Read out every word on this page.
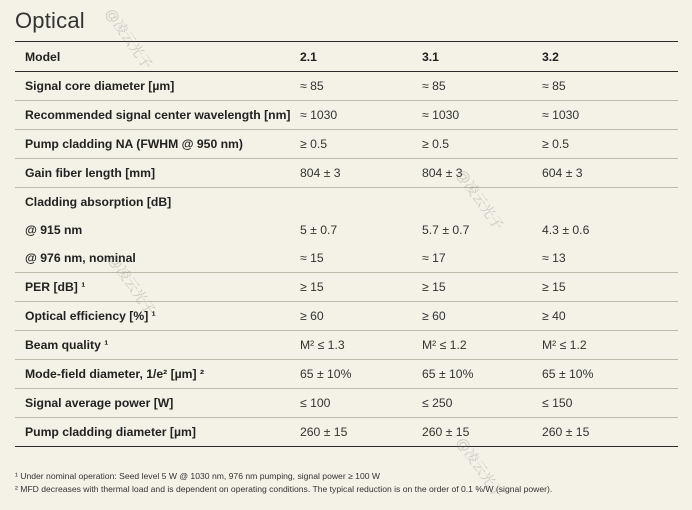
Optical
Model	2.1	3.1	3.2
Signal core diameter [µm]	≈ 85	≈ 85	≈ 85
Recommended signal center wavelength [nm]	≈ 1030	≈ 1030	≈ 1030
Pump cladding NA (FWHM @ 950 nm)	≥ 0.5	≥ 0.5	≥ 0.5
Gain fiber length [mm]	804 ± 3	804 ± 3	604 ± 3
Cladding absorption [dB]			
@ 915 nm	5 ± 0.7	5.7 ± 0.7	4.3 ± 0.6
@ 976 nm, nominal	≈ 15	≈ 17	≈ 13
PER [dB] ¹	≥ 15	≥ 15	≥ 15
Optical efficiency [%] ¹	≥ 60	≥ 60	≥ 40
Beam quality ¹	M² ≤ 1.3	M² ≤ 1.2	M² ≤ 1.2
Mode-field diameter, 1/e² [µm] ²	65 ± 10%	65 ± 10%	65 ± 10%
Signal average power [W]	≤ 100	≤ 250	≤ 150
Pump cladding diameter [µm]	260 ± 15	260 ± 15	260 ± 15
¹ Under nominal operation: Seed level 5 W @ 1030 nm, 976 nm pumping, signal power ≥ 100 W
² MFD decreases with thermal load and is dependent on operating conditions. The typical reduction is on the order of 0.1 %/W (signal power).
@凌云光子
@凌云光子
@凌云光子
@凌云光子
